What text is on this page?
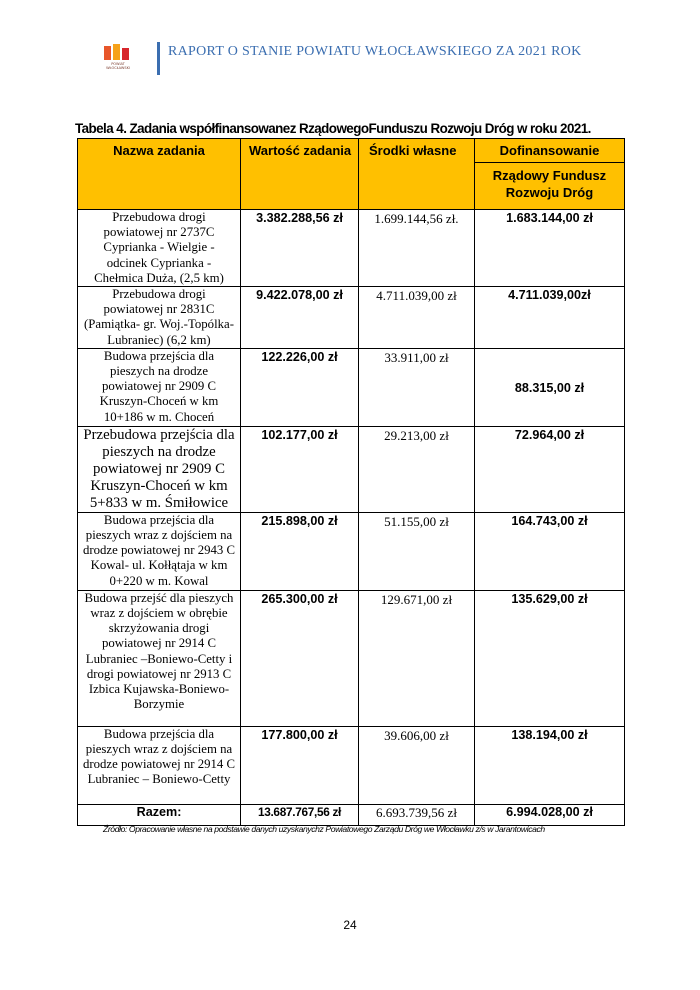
POWIAT WŁOCŁAWSKI
RAPORT O STANIE POWIATU WŁOCŁAWSKIEGO ZA 2021 ROK
Tabela 4. Zadania współfinansowanez RządowegoFunduszu Rozwoju Dróg w roku 2021.
Nazwa zadania	Wartość zadania	Środki własne	Dofinansowanie
			Rządowy Fundusz Rozwoju Dróg
Przebudowa drogi powiatowej nr 2737C Cyprianka - Wielgie - odcinek Cyprianka - Chełmica Duża, (2,5 km)	3.382.288,56 zł	1.699.144,56 zł.	1.683.144,00 zł
Przebudowa drogi powiatowej nr 2831C (Pamiątka- gr. Woj.-Topólka-Lubraniec) (6,2 km)	9.422.078,00 zł	4.711.039,00 zł	4.711.039,00zł
Budowa przejścia dla pieszych na drodze powiatowej nr 2909 C Kruszyn-Choceń w km 10+186 w m. Choceń	122.226,00 zł	33.911,00 zł	88.315,00 zł
Przebudowa przejścia dla pieszych na drodze powiatowej nr 2909 C Kruszyn-Choceń w km 5+833 w m. Śmiłowice	102.177,00 zł	29.213,00 zł	72.964,00 zł
Budowa przejścia dla pieszych wraz z dojściem na drodze powiatowej nr 2943 C Kowal- ul. Kołłątaja w km 0+220 w m. Kowal	215.898,00 zł	51.155,00 zł	164.743,00 zł
Budowa przejść dla pieszych wraz z dojściem w obrębie skrzyżowania drogi powiatowej nr 2914 C Lubraniec –Boniewo-Cetty i drogi powiatowej nr 2913 C Izbica Kujawska-Boniewo-Borzymie	265.300,00 zł	129.671,00 zł	135.629,00 zł
Budowa przejścia dla pieszych wraz z dojściem na drodze powiatowej nr 2914 C Lubraniec – Boniewo-Cetty	177.800,00 zł	39.606,00 zł	138.194,00 zł
Razem:	13.687.767,56 zł	6.693.739,56 zł	6.994.028,00 zł
Źródło: Opracowanie własne na podstawie danych uzyskanychz Powiatowego Zarządu Dróg we Włocławku z/s w Jarantowicach
24
